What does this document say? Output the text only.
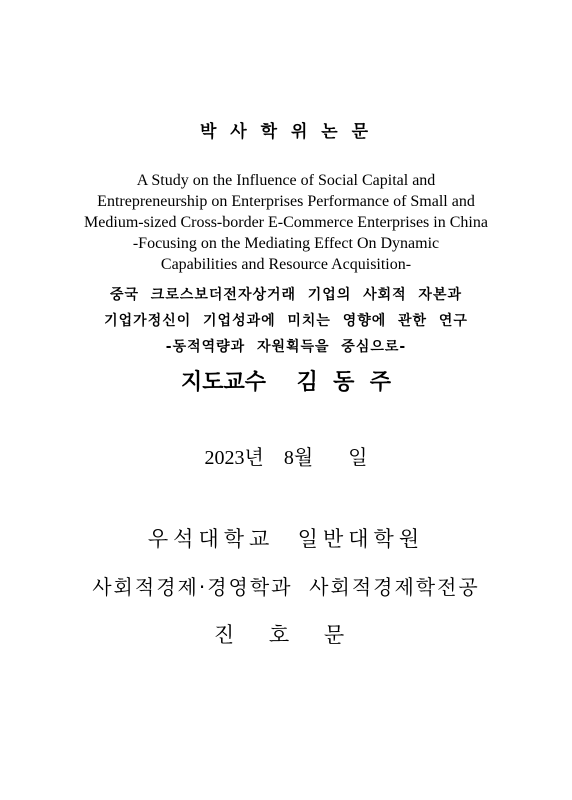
박 사 학 위 논 문
A Study on the Influence of Social Capital and
Entrepreneurship on Enterprises Performance of Small and
Medium-sized Cross-border E-Commerce Enterprises in China
-Focusing on the Mediating Effect On Dynamic
Capabilities and Resource Acquisition-
중국  크로스보더전자상거래  기업의  사회적  자본과
기업가정신이  기업성과에  미치는  영향에  관한  연구
-동적역량과  자원획득을  중심으로-
지도교수    김  동  주
2023년    8월       일
우석대학교  일반대학원
사회적경제·경영학과  사회적경제학전공
진 호 문
